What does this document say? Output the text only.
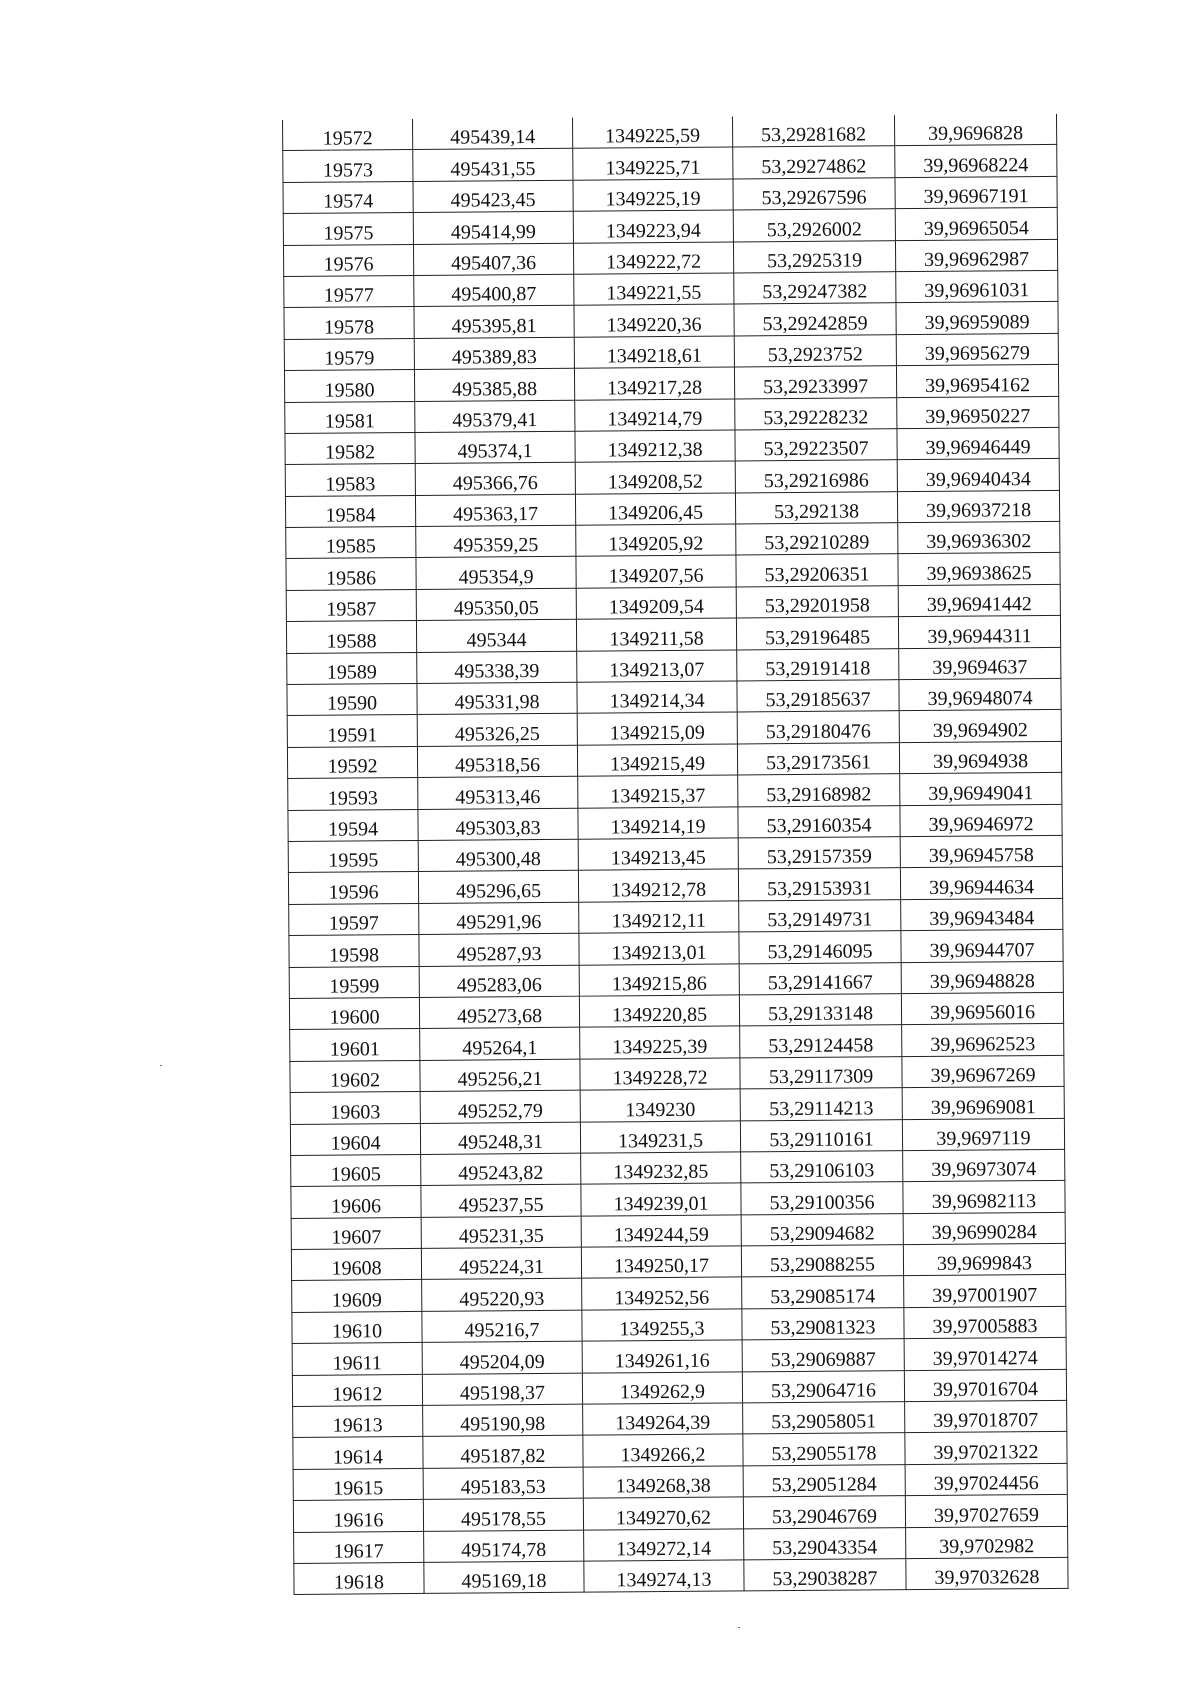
19572	495439,14	1349225,59	53,29281682	39,9696828
19573	495431,55	1349225,71	53,29274862	39,96968224
19574	495423,45	1349225,19	53,29267596	39,96967191
19575	495414,99	1349223,94	53,2926002	39,96965054
19576	495407,36	1349222,72	53,2925319	39,96962987
19577	495400,87	1349221,55	53,29247382	39,96961031
19578	495395,81	1349220,36	53,29242859	39,96959089
19579	495389,83	1349218,61	53,2923752	39,96956279
19580	495385,88	1349217,28	53,29233997	39,96954162
19581	495379,41	1349214,79	53,29228232	39,96950227
19582	495374,1	1349212,38	53,29223507	39,96946449
19583	495366,76	1349208,52	53,29216986	39,96940434
19584	495363,17	1349206,45	53,292138	39,96937218
19585	495359,25	1349205,92	53,29210289	39,96936302
19586	495354,9	1349207,56	53,29206351	39,96938625
19587	495350,05	1349209,54	53,29201958	39,96941442
19588	495344	1349211,58	53,29196485	39,96944311
19589	495338,39	1349213,07	53,29191418	39,9694637
19590	495331,98	1349214,34	53,29185637	39,96948074
19591	495326,25	1349215,09	53,29180476	39,9694902
19592	495318,56	1349215,49	53,29173561	39,9694938
19593	495313,46	1349215,37	53,29168982	39,96949041
19594	495303,83	1349214,19	53,29160354	39,96946972
19595	495300,48	1349213,45	53,29157359	39,96945758
19596	495296,65	1349212,78	53,29153931	39,96944634
19597	495291,96	1349212,11	53,29149731	39,96943484
19598	495287,93	1349213,01	53,29146095	39,96944707
19599	495283,06	1349215,86	53,29141667	39,96948828
19600	495273,68	1349220,85	53,29133148	39,96956016
19601	495264,1	1349225,39	53,29124458	39,96962523
19602	495256,21	1349228,72	53,29117309	39,96967269
19603	495252,79	1349230	53,29114213	39,96969081
19604	495248,31	1349231,5	53,29110161	39,9697119
19605	495243,82	1349232,85	53,29106103	39,96973074
19606	495237,55	1349239,01	53,29100356	39,96982113
19607	495231,35	1349244,59	53,29094682	39,96990284
19608	495224,31	1349250,17	53,29088255	39,9699843
19609	495220,93	1349252,56	53,29085174	39,97001907
19610	495216,7	1349255,3	53,29081323	39,97005883
19611	495204,09	1349261,16	53,29069887	39,97014274
19612	495198,37	1349262,9	53,29064716	39,97016704
19613	495190,98	1349264,39	53,29058051	39,97018707
19614	495187,82	1349266,2	53,29055178	39,97021322
19615	495183,53	1349268,38	53,29051284	39,97024456
19616	495178,55	1349270,62	53,29046769	39,97027659
19617	495174,78	1349272,14	53,29043354	39,9702982
19618	495169,18	1349274,13	53,29038287	39,97032628
